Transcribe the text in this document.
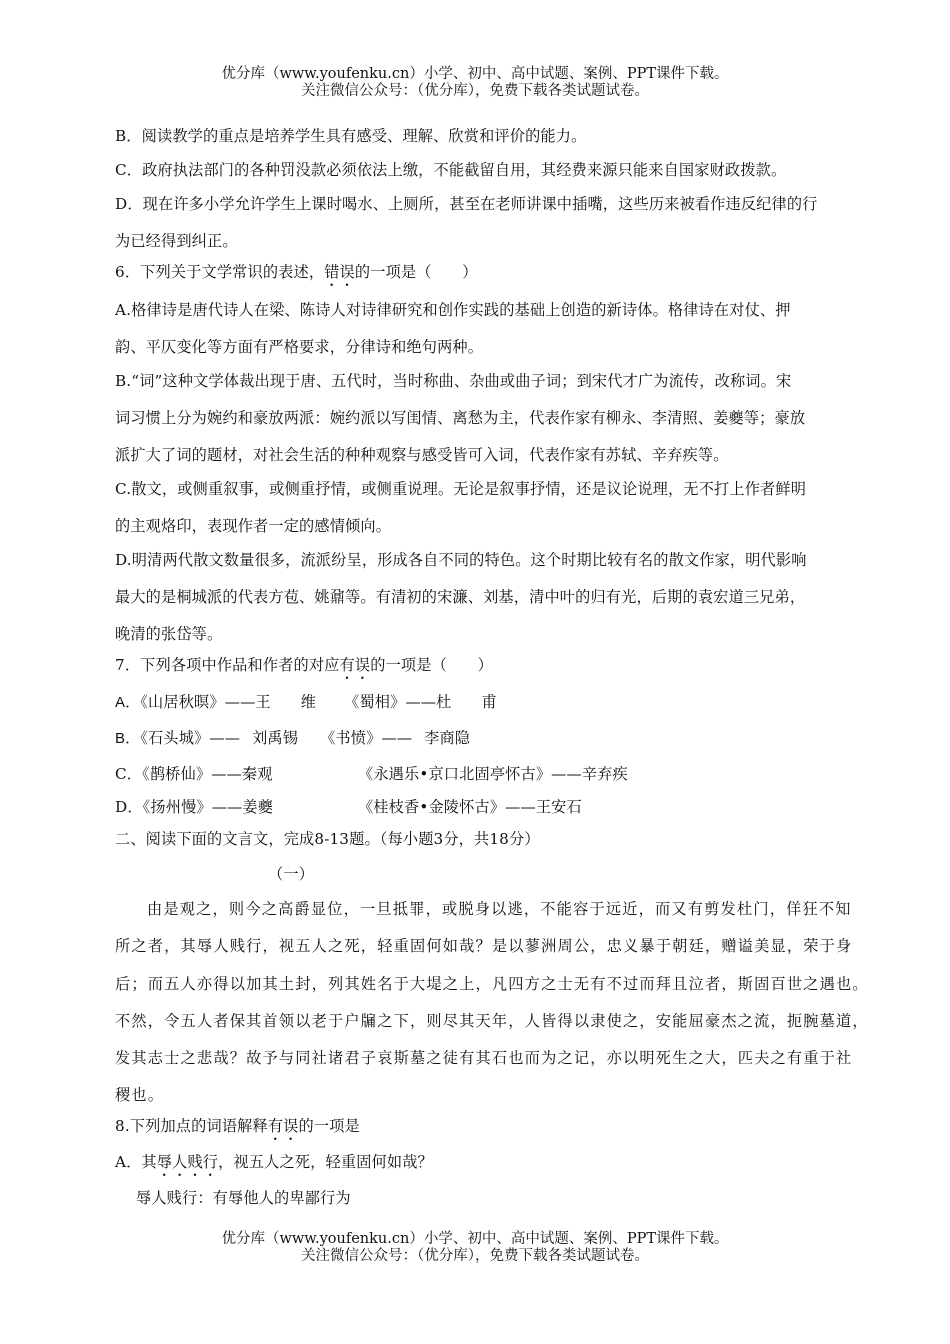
优分库（www.youfenku.cn）小学、初中、高中试题、案例、PPT课件下载。
关注微信公众号：（优分库），免费下载各类试题试卷。
B．阅读教学的重点是培养学生具有感受、理解、欣赏和评价的能力。
C．政府执法部门的各种罚没款必须依法上缴，不能截留自用，其经费来源只能来自国家财政拨款。
D．现在许多小学允许学生上课时喝水、上厕所，甚至在老师讲课中插嘴，这些历来被看作违反纪律的行
为已经得到纠正。
6．下列关于文学常识的表述，错误的一项是（　　）
A.格律诗是唐代诗人在梁、陈诗人对诗律研究和创作实践的基础上创造的新诗体。格律诗在对仗、押
韵、平仄变化等方面有严格要求，分律诗和绝句两种。
B.“词”这种文学体裁出现于唐、五代时，当时称曲、杂曲或曲子词；到宋代才广为流传，改称词。宋
词习惯上分为婉约和豪放两派：婉约派以写闺情、离愁为主，代表作家有柳永、李清照、姜夔等；豪放
派扩大了词的题材，对社会生活的种种观察与感受皆可入词，代表作家有苏轼、辛弃疾等。
C.散文，或侧重叙事，或侧重抒情，或侧重说理。无论是叙事抒情，还是议论说理，无不打上作者鲜明
的主观烙印，表现作者一定的感情倾向。
D.明清两代散文数量很多，流派纷呈，形成各自不同的特色。这个时期比较有名的散文作家，明代影响
最大的是桐城派的代表方苞、姚鼐等。有清初的宋濂、刘基，清中叶的归有光，后期的袁宏道三兄弟，
晚清的张岱等。
7．下列各项中作品和作者的对应有误的一项是（　　）
A．《山居秋暝》——王 维 《蜀相》——杜 甫
B．《石头城》—— 刘禹锡 《书愤》—— 李商隐
C．《鹊桥仙》——秦观	《永遇乐•京口北固亭怀古》——辛弃疾
D．《扬州慢》——姜夔	《桂枝香•金陵怀古》——王安石
二、阅读下面的文言文，完成8-13题。（每小题3分，共18分）
（一）
由是观之，则今之高爵显位，一旦抵罪，或脱身以逃，不能容于远近，而又有剪发杜门，佯狂不知
所之者，其辱人贱行，视五人之死，轻重固何如哉？是以蓼洲周公，忠义暴于朝廷，赠谥美显，荣于身
后；而五人亦得以加其土封，列其姓名于大堤之上，凡四方之士无有不过而拜且泣者，斯固百世之遇也。
不然，令五人者保其首领以老于户牖之下，则尽其天年，人皆得以隶使之，安能屈豪杰之流，扼腕墓道，
发其志士之悲哉？故予与同社诸君子哀斯墓之徒有其石也而为之记，亦以明死生之大，匹夫之有重于社
稷也。
8.下列加点的词语解释有误的一项是
A．其辱人贱行，视五人之死，轻重固何如哉？
辱人贱行：有辱他人的卑鄙行为
优分库（www.youfenku.cn）小学、初中、高中试题、案例、PPT课件下载。
关注微信公众号：（优分库），免费下载各类试题试卷。
